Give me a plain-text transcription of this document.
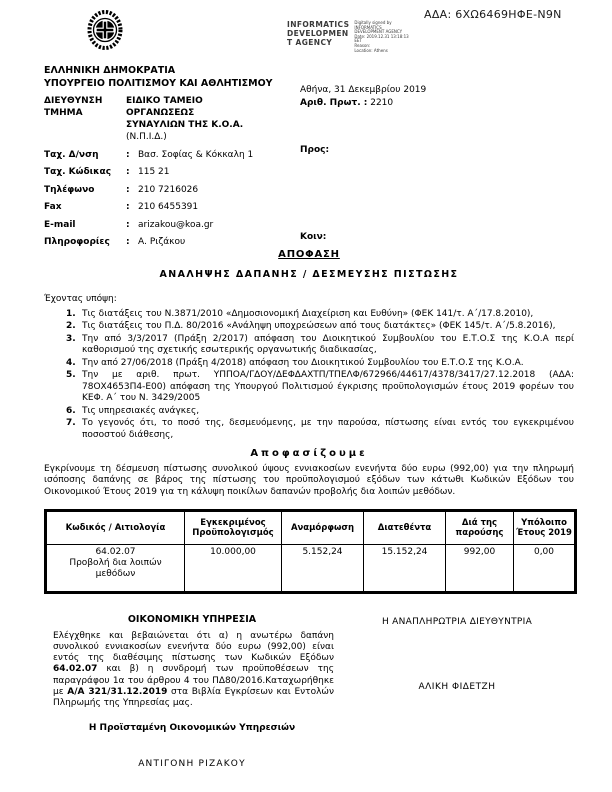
ΑΔΑ: 6ΧΩ6469ΗΦΕ-Ν9Ν
INFORMATICS
DEVELOPMEN
T AGENCY
Digitally signed by
INFORMATICS
DEVELOPMENT AGENCY
Date: 2019.12.31 13:18:13
EET
Reason:
Location: Athens
ΕΛΛΗΝΙΚΗ ΔΗΜΟΚΡΑΤΙΑ
ΥΠΟΥΡΓΕΙΟ ΠΟΛΙΤΙΣΜΟΥ ΚΑΙ ΑΘΛΗΤΙΣΜΟΥ
ΔΙΕΥΘΥΝΣΗ
ΤΜΗΜΑ
ΕΙΔΙΚΟ ΤΑΜΕΙΟ
ΟΡΓΑΝΩΣΕΩΣ
ΣΥΝΑΥΛΙΩΝ ΤΗΣ Κ.Ο.Α.
(Ν.Π.Ι.Δ.)
Ταχ. Δ/νση	: Βασ. Σοφίας & Κόκκαλη 1
Ταχ. Κώδικας	: 115 21
Τηλέφωνο	: 210 7216026
Fax	: 210 6455391
E-mail	: arizakou@koa.gr
Πληροφορίες	: Α. Ριζάκου
Αθήνα, 31 Δεκεμβρίου 2019
Αριθ. Πρωτ. : 2210
Προς:
Κοιν:
ΑΠΟΦΑΣΗ
ΑΝΑΛΗΨΗΣ ΔΑΠΑΝΗΣ / ΔΕΣΜΕΥΣΗΣ ΠΙΣΤΩΣΗΣ
Έχοντας υπόψη:
1. Τις διατάξεις του Ν.3871/2010 «Δημοσιονομική Διαχείριση και Ευθύνη» (ΦΕΚ 141/τ. Α΄/17.8.2010),
2. Τις διατάξεις του Π.Δ. 80/2016 «Ανάληψη υποχρεώσεων από τους διατάκτες» (ΦΕΚ 145/τ. Α΄/5.8.2016),
3. Την από 3/3/2017 (Πράξη 2/2017) απόφαση του Διοικητικού Συμβουλίου του Ε.Τ.Ο.Σ της Κ.Ο.Α περί καθορισμού της σχετικής εσωτερικής οργανωτικής διαδικασίας,
4. Την από 27/06/2018 (Πράξη 4/2018) απόφαση του Διοικητικού Συμβουλίου του Ε.Τ.Ο.Σ της Κ.Ο.Α.
5. Την με αριθ. πρωτ. ΥΠΠΟΑ/ΓΔΟΥ/ΔΕΦΔΑΧΤΠ/ΤΠΕΛΦ/672966/44617/4378/3417/27.12.2018 (ΑΔΑ: 78ΟΧ4653Π4-Ε00) απόφαση της Υπουργού Πολιτισμού έγκρισης προϋπολογισμών έτους 2019 φορέων του ΚΕΦ. Α΄ του Ν. 3429/2005
6. Τις υπηρεσιακές ανάγκες,
7. Το γεγονός ότι, το ποσό της, δεσμευόμενης, με την παρούσα, πίστωσης είναι εντός του εγκεκριμένου ποσοστού διάθεσης,
Αποφασίζουμε
Εγκρίνουμε τη δέσμευση πίστωσης συνολικού ύψους εννιακοσίων ενενήντα δύο ευρω (992,00) για την πληρωμή ισόποσης δαπάνης σε βάρος της πίστωσης του προϋπολογισμού εξόδων των κάτωθι Κωδικών Εξόδων του Οικονομικού Έτους 2019 για τη κάλυψη ποικίλων δαπανών προβολής δια λοιπών μεθόδων.
Κωδικός / Αιτιολογία	Εγκεκριμένος Προϋπολογισμός	Αναμόρφωση	Διατεθέντα	Διά της παρούσης	Υπόλοιπο Έτους 2019

64.02.07
Προβολή δια λοιπών μεθόδων	10.000,00	5.152,24	15.152,24	992,00	0,00
ΟΙΚΟΝΟΜΙΚΗ ΥΠΗΡΕΣΙΑ
Ελέγχθηκε και βεβαιώνεται ότι α) η ανωτέρω δαπάνη συνολικού εννιακοσίων ενενήντα δύο ευρω (992,00) είναι εντός της διαθέσιμης πίστωσης των Κωδικών Εξόδων 64.02.07 και β) η συνδρομή των προϋποθέσεων της παραγράφου 1α του άρθρου 4 του ΠΔ80/2016.Καταχωρήθηκε με Α/Α 321/31.12.2019 στα Βιβλία Εγκρίσεων και Εντολών Πληρωμής της Υπηρεσίας μας.
Η Προϊσταμένη Οικονομικών Υπηρεσιών
ΑΝΤΙΓΟΝΗ ΡΙΖΑΚΟΥ
Η ΑΝΑΠΛΗΡΩΤΡΙΑ ΔΙΕΥΘΥΝΤΡΙΑ
ΑΛΙΚΗ ΦΙΔΕΤΖΗ
